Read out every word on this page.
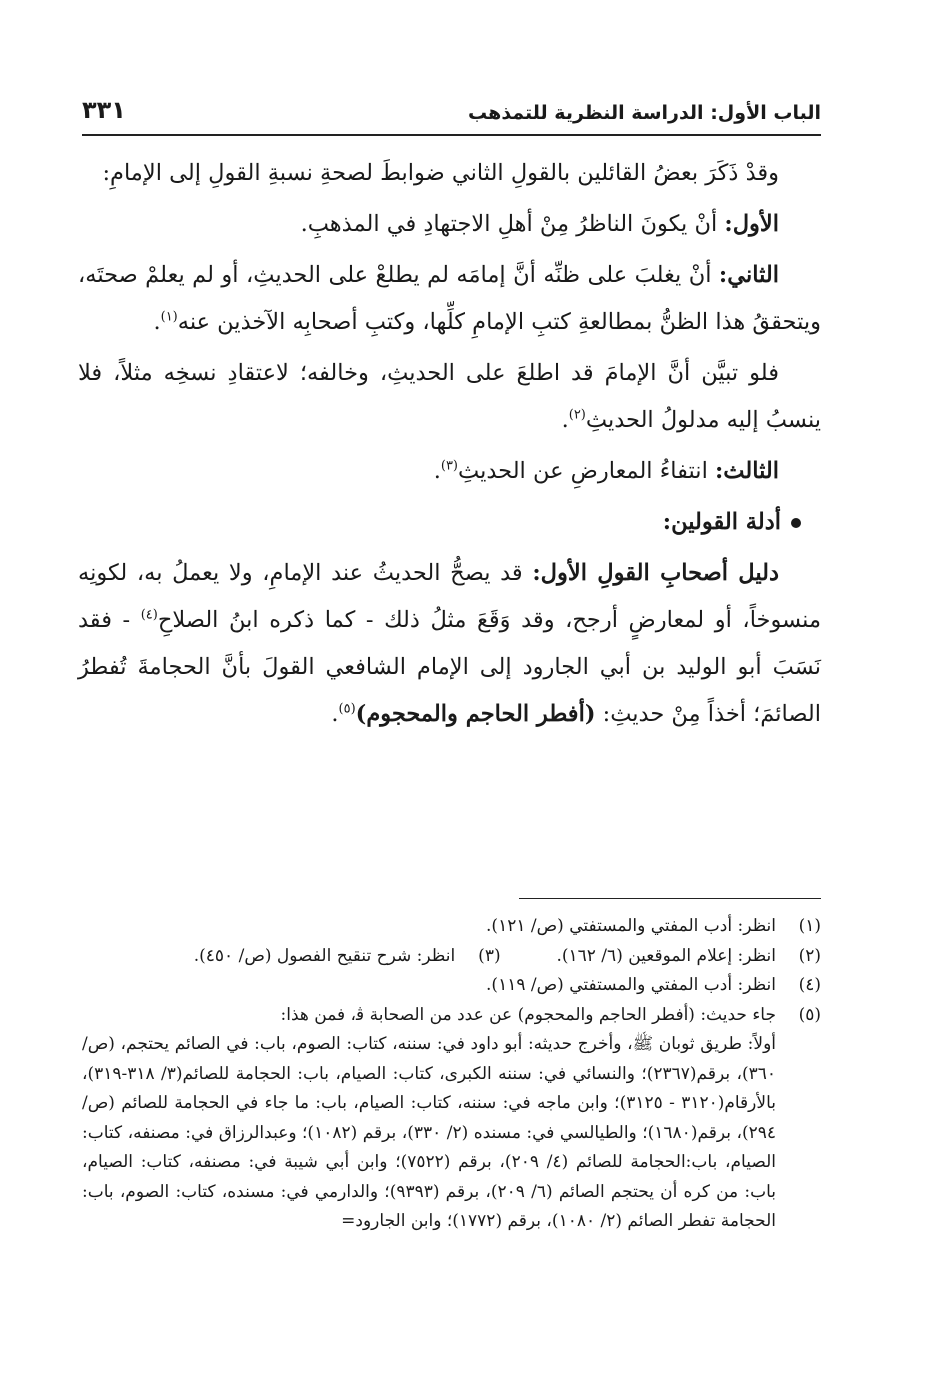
الباب الأول: الدراسة النظرية للتمذهب
٣٣١

وقدْ ذَكَرَ بعضُ القائلين بالقولِ الثاني ضوابطَ لصحةِ نسبةِ القولِ إلى الإمامِ:

الأول: أنْ يكونَ الناظرُ مِنْ أهلِ الاجتهادِ في المذهبِ.

الثاني: أنْ يغلبَ على ظنِّه أنَّ إمامَه لم يطلعْ على الحديثِ، أو لم يعلمْ صحتَه، ويتحققُ هذا الظنُّ بمطالعةِ كتبِ الإمامِ كلِّها، وكتبِ أصحابِه الآخذين عنه$^{(١)}$.

فلو تبيَّن أنَّ الإمامَ قد اطلعَ على الحديثِ، وخالفه؛ لاعتقادِ نسخِه مثلاً، فلا ينسبُ إليه مدلولُ الحديثِ$^{(٢)}$.

الثالث: انتفاءُ المعارضِ عن الحديثِ$^{(٣)}$.

أدلة القولين:

دليل أصحابِ القولِ الأول: قد يصحُّ الحديثُ عند الإمامِ، ولا يعملُ به، لكونِه منسوخاً، أو لمعارضٍ أرجح، وقد وَقَعَ مثلُ ذلك - كما ذكره ابنُ الصلاحِ$^{(٤)}$ - فقد نَسَبَ أبو الوليد بن أبي الجارود إلى الإمام الشافعي القولَ بأنَّ الحجامةَ تُفطرُ الصائمَ؛ أخذاً مِنْ حديثِ: (أفطر الحاجم والمحجوم)$^{(٥)}$.

(١)
انظر: أدب المفتي والمستفتي (ص/ ١٢١).
(٢)
انظر: إعلام الموقعين (٦/ ١٦٢). (٣) انظر: شرح تنقيح الفصول (ص/ ٤٥٠).
(٤)
انظر: أدب المفتي والمستفتي (ص/ ١١٩).
(٥)
جاء حديث: (أفطر الحاجم والمحجوم) عن عدد من الصحابة ﭬ، فمن هذا:

أولاً: طريق ثوبان ﷺ، وأخرج حديثه: أبو داود في: سننه، كتاب: الصوم، باب: في الصائم يحتجم، (ص/ ٣٦٠)، برقم(٢٣٦٧)؛ والنسائي في: سننه الكبرى، كتاب: الصيام، باب: الحجامة للصائم(٣/ ٣١٨-٣١٩)، بالأرقام(٣١٢٠ - ٣١٢٥)؛ وابن ماجه في: سننه، كتاب: الصيام، باب: ما جاء في الحجامة للصائم (ص/ ٢٩٤)، برقم(١٦٨٠)؛ والطيالسي في: مسنده (٢/ ٣٣٠)، برقم (١٠٨٢)؛ وعبدالرزاق في: مصنفه، كتاب: الصيام، باب:الحجامة للصائم (٤/ ٢٠٩)، برقم (٧٥٢٢)؛ وابن أبي شيبة في: مصنفه، كتاب: الصيام، باب: من كره أن يحتجم الصائم (٦/ ٢٠٩)، برقم (٩٣٩٣)؛ والدارمي في: مسنده، كتاب: الصوم، باب: الحجامة تفطر الصائم (٢/ ١٠٨٠)، برقم (١٧٧٢)؛ وابن الجارود=
